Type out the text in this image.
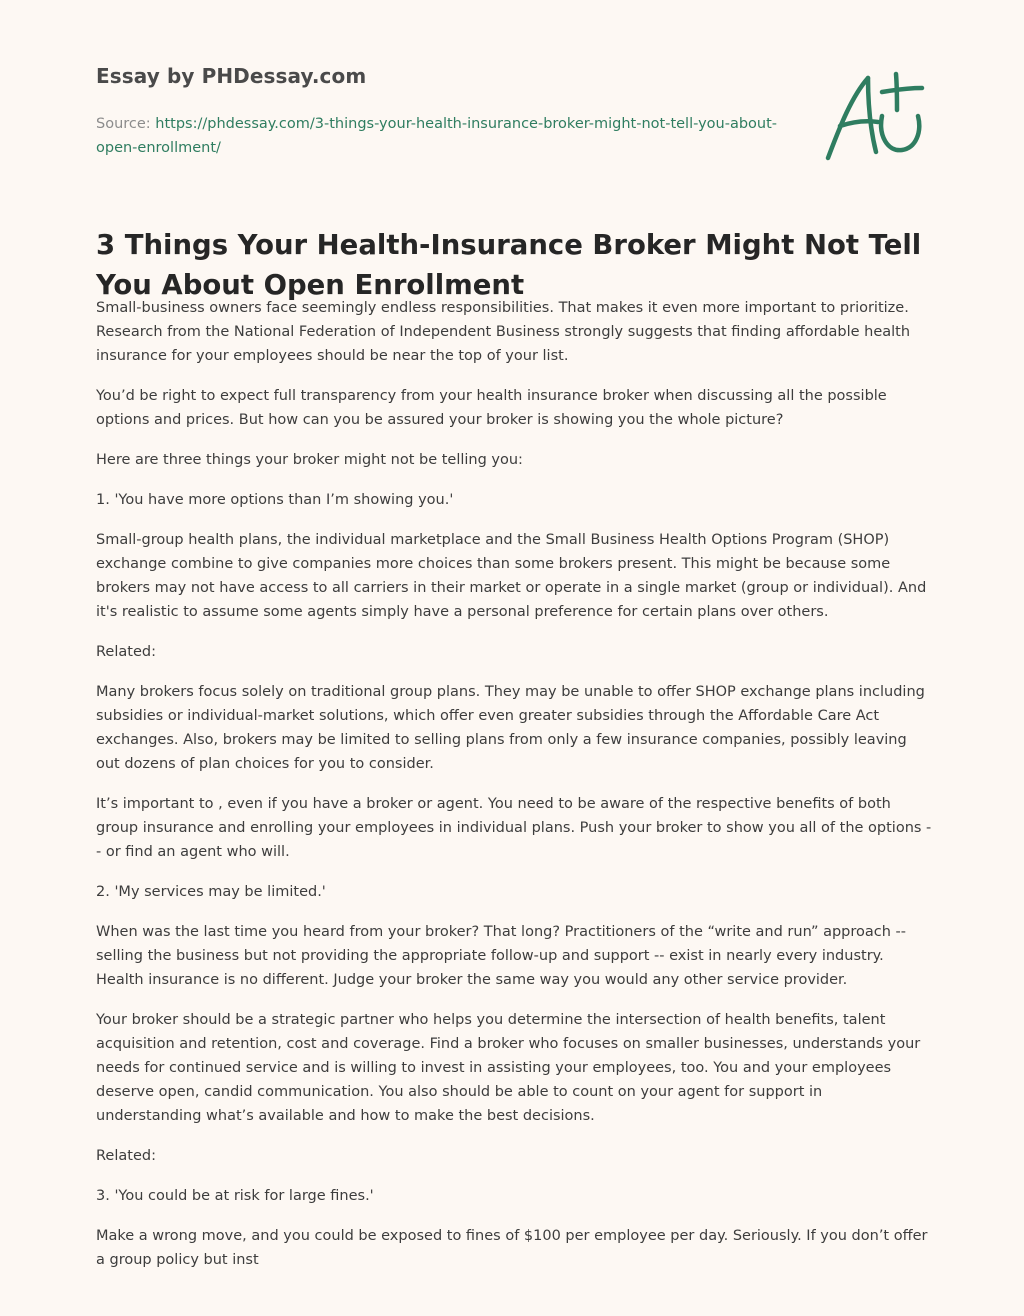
Essay by PHDessay.com
Source: https://phdessay.com/3-things-your-health-insurance-broker-might-not-tell-you-about-open-enrollment/
3 Things Your Health-Insurance Broker Might Not Tell You About Open Enrollment

Small-business owners face seemingly endless responsibilities. That makes it even more important to prioritize. Research from the National Federation of Independent Business strongly suggests that finding affordable health insurance for your employees should be near the top of your list.

You’d be right to expect full transparency from your health insurance broker when discussing all the possible options and prices. But how can you be assured your broker is showing you the whole picture?

Here are three things your broker might not be telling you:

1. 'You have more options than I’m showing you.'

Small-group health plans, the individual marketplace and the Small Business Health Options Program (SHOP) exchange combine to give companies more choices than some brokers present. This might be because some brokers may not have access to all carriers in their market or operate in a single market (group or individual). And it's realistic to assume some agents simply have a personal preference for certain plans over others.

Related:

Many brokers focus solely on traditional group plans. They may be unable to offer SHOP exchange plans including subsidies or individual-market solutions, which offer even greater subsidies through the Affordable Care Act exchanges. Also, brokers may be limited to selling plans from only a few insurance companies, possibly leaving out dozens of plan choices for you to consider.

It’s important to , even if you have a broker or agent. You need to be aware of the respective benefits of both group insurance and enrolling your employees in individual plans. Push your broker to show you all of the options -- or find an agent who will.

2. 'My services may be limited.'

When was the last time you heard from your broker? That long? Practitioners of the “write and run” approach -- selling the business but not providing the appropriate follow-up and support -- exist in nearly every industry. Health insurance is no different. Judge your broker the same way you would any other service provider.

Your broker should be a strategic partner who helps you determine the intersection of health benefits, talent acquisition and retention, cost and coverage. Find a broker who focuses on smaller businesses, understands your needs for continued service and is willing to invest in assisting your employees, too. You and your employees deserve open, candid communication. You also should be able to count on your agent for support in understanding what’s available and how to make the best decisions.

Related:

3. 'You could be at risk for large fines.'

Make a wrong move, and you could be exposed to fines of $100 per employee per day. Seriously. If you don’t offer a group policy but inst
